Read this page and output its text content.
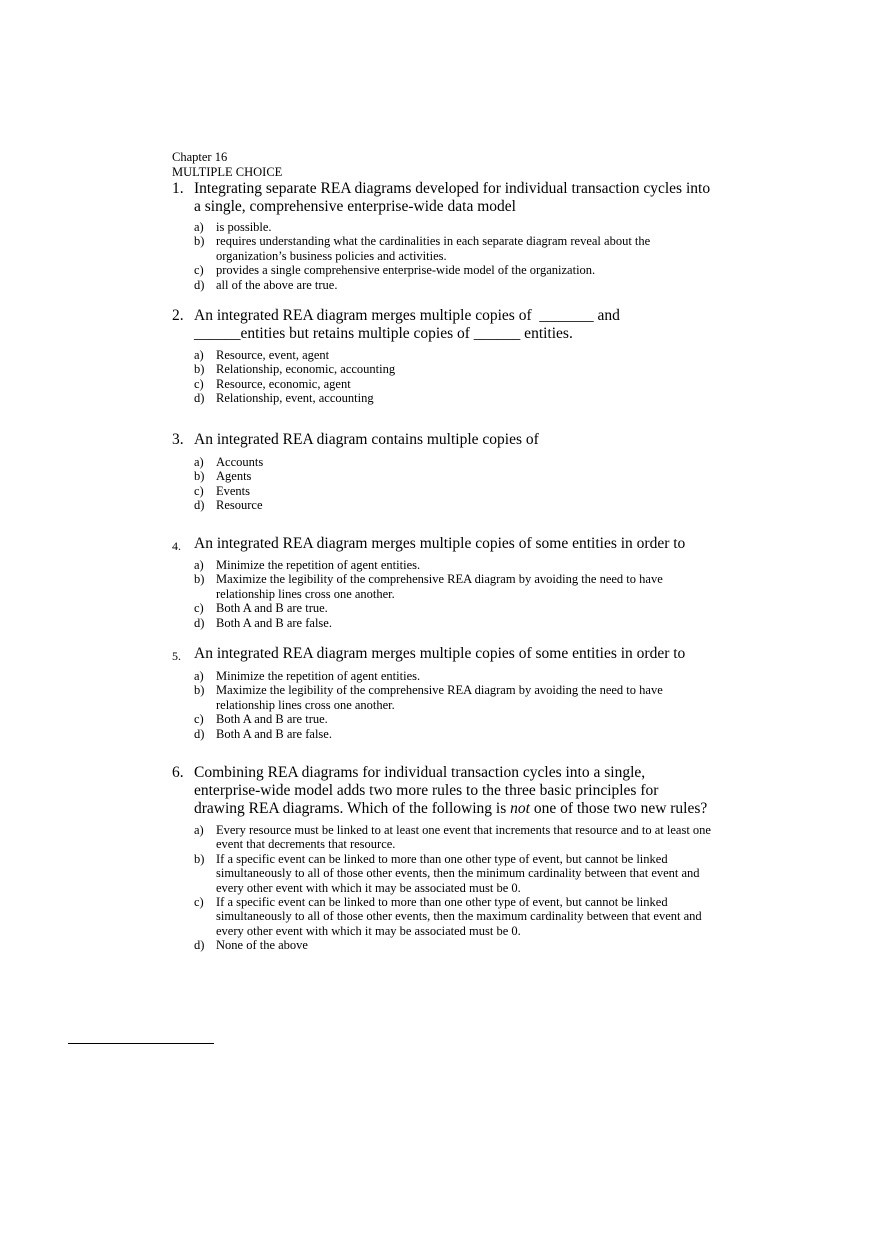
Chapter 16
MULTIPLE CHOICE
1. Integrating separate REA diagrams developed for individual transaction cycles into a single, comprehensive enterprise-wide data model
a) is possible.
b) requires understanding what the cardinalities in each separate diagram reveal about the organization’s business policies and activities.
c) provides a single comprehensive enterprise-wide model of the organization.
d) all of the above are true.
2. An integrated REA diagram merges multiple copies of  _______ and ______entities but retains multiple copies of ______ entities.
a) Resource, event, agent
b) Relationship, economic, accounting
c) Resource, economic, agent
d) Relationship, event, accounting
3. An integrated REA diagram contains multiple copies of
a) Accounts
b) Agents
c) Events
d) Resource
4. An integrated REA diagram merges multiple copies of some entities in order to
a) Minimize the repetition of agent entities.
b) Maximize the legibility of the comprehensive REA diagram by avoiding the need to have relationship lines cross one another.
c) Both A and B are true.
d) Both A and B are false.
5. An integrated REA diagram merges multiple copies of some entities in order to
a) Minimize the repetition of agent entities.
b) Maximize the legibility of the comprehensive REA diagram by avoiding the need to have relationship lines cross one another.
c) Both A and B are true.
d) Both A and B are false.
6. Combining REA diagrams for individual transaction cycles into a single, enterprise-wide model adds two more rules to the three basic principles for drawing REA diagrams. Which of the following is not one of those two new rules?
a) Every resource must be linked to at least one event that increments that resource and to at least one event that decrements that resource.
b) If a specific event can be linked to more than one other type of event, but cannot be linked simultaneously to all of those other events, then the minimum cardinality between that event and every other event with which it may be associated must be 0.
c) If a specific event can be linked to more than one other type of event, but cannot be linked simultaneously to all of those other events, then the maximum cardinality between that event and every other event with which it may be associated must be 0.
d) None of the above
